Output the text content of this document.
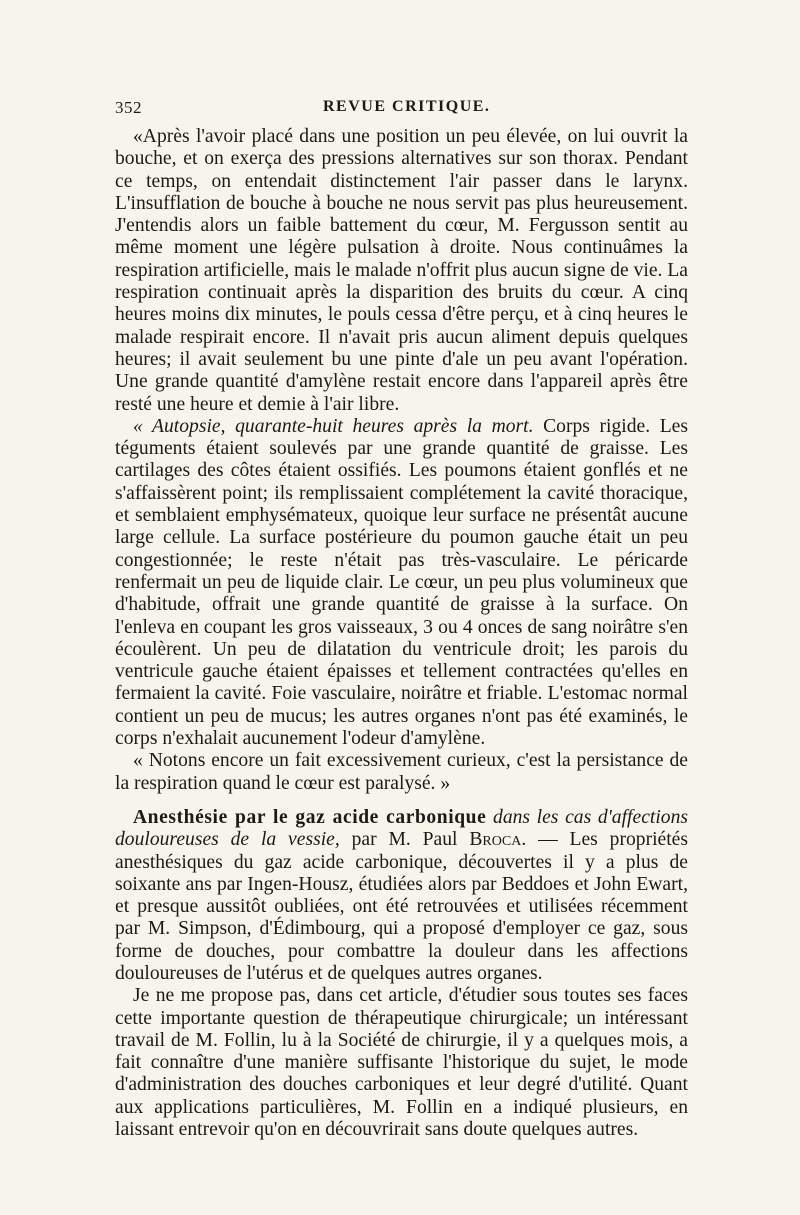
352	REVUE CRITIQUE.

«Après l'avoir placé dans une position un peu élevée, on lui ouvrit la bouche, et on exerça des pressions alternatives sur son thorax. Pendant ce temps, on entendait distinctement l'air passer dans le larynx. L'insufflation de bouche à bouche ne nous servit pas plus heureusement. J'entendis alors un faible battement du cœur, M. Fergusson sentit au même moment une légère pulsation à droite. Nous continuâmes la respiration artificielle, mais le malade n'offrit plus aucun signe de vie. La respiration continuait après la disparition des bruits du cœur. A cinq heures moins dix minutes, le pouls cessa d'être perçu, et à cinq heures le malade respirait encore. Il n'avait pris aucun aliment depuis quelques heures; il avait seulement bu une pinte d'ale un peu avant l'opération. Une grande quantité d'amylène restait encore dans l'appareil après être resté une heure et demie à l'air libre.

« Autopsie, quarante-huit heures après la mort. Corps rigide. Les téguments étaient soulevés par une grande quantité de graisse. Les cartilages des côtes étaient ossifiés. Les poumons étaient gonflés et ne s'affaissèrent point; ils remplissaient complétement la cavité thoracique, et semblaient emphysémateux, quoique leur surface ne présentât aucune large cellule. La surface postérieure du poumon gauche était un peu congestionnée; le reste n'était pas très-vasculaire. Le péricarde renfermait un peu de liquide clair. Le cœur, un peu plus volumineux que d'habitude, offrait une grande quantité de graisse à la surface. On l'enleva en coupant les gros vaisseaux, 3 ou 4 onces de sang noirâtre s'en écoulèrent. Un peu de dilatation du ventricule droit; les parois du ventricule gauche étaient épaisses et tellement contractées qu'elles en fermaient la cavité. Foie vasculaire, noirâtre et friable. L'estomac normal contient un peu de mucus; les autres organes n'ont pas été examinés, le corps n'exhalait aucunement l'odeur d'amylène.

« Notons encore un fait excessivement curieux, c'est la persistance de la respiration quand le cœur est paralysé. »

Anesthésie par le gaz acide carbonique dans les cas d'affections douloureuses de la vessie, par M. Paul Broca. — Les propriétés anesthésiques du gaz acide carbonique, découvertes il y a plus de soixante ans par Ingen-Housz, étudiées alors par Beddoes et John Ewart, et presque aussitôt oubliées, ont été retrouvées et utilisées récemment par M. Simpson, d'Édimbourg, qui a proposé d'employer ce gaz, sous forme de douches, pour combattre la douleur dans les affections douloureuses de l'utérus et de quelques autres organes.

Je ne me propose pas, dans cet article, d'étudier sous toutes ses faces cette importante question de thérapeutique chirurgicale; un intéressant travail de M. Follin, lu à la Société de chirurgie, il y a quelques mois, a fait connaître d'une manière suffisante l'historique du sujet, le mode d'administration des douches carboniques et leur degré d'utilité. Quant aux applications particulières, M. Follin en a indiqué plusieurs, en laissant entrevoir qu'on en découvrirait sans doute quelques autres.
